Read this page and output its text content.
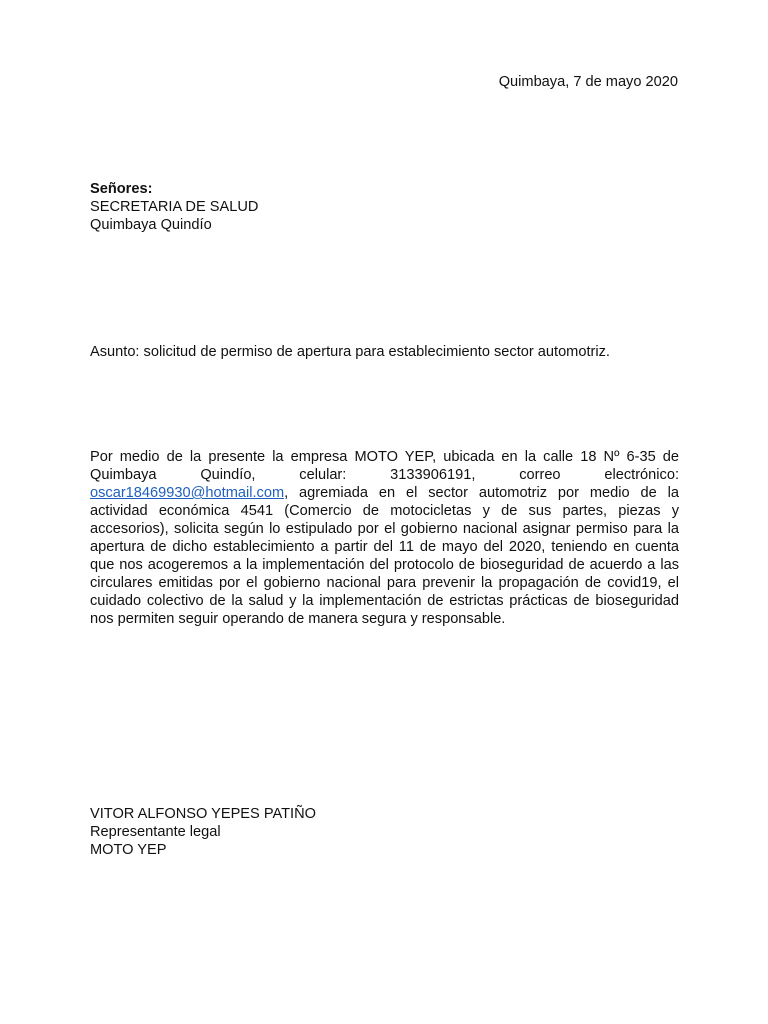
Quimbaya, 7 de mayo 2020
Señores:
SECRETARIA DE SALUD
Quimbaya Quindío
Asunto: solicitud de permiso de apertura para establecimiento sector automotriz.

Por medio de la presente la empresa MOTO YEP, ubicada en la calle 18 Nº 6-35 de Quimbaya Quindío, celular: 3133906191, correo electrónico: oscar18469930@hotmail.com, agremiada en el sector automotriz por medio de la actividad económica 4541 (Comercio de motocicletas y de sus partes, piezas y accesorios), solicita según lo estipulado por el gobierno nacional asignar permiso para la apertura de dicho establecimiento a partir del 11 de mayo del 2020, teniendo en cuenta que nos acogeremos a la implementación del protocolo de bioseguridad de acuerdo a las circulares emitidas por el gobierno nacional para prevenir la propagación de covid19, el cuidado colectivo de la salud y la implementación de estrictas prácticas de bioseguridad nos permiten seguir operando de manera segura y responsable.

VITOR ALFONSO YEPES PATIÑO
Representante legal
MOTO YEP
